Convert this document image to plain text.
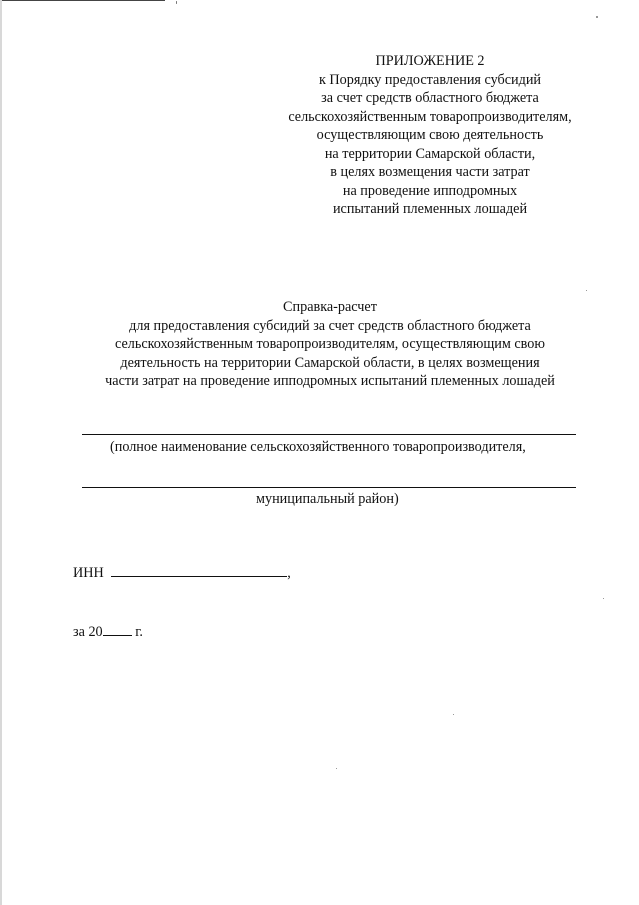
ПРИЛОЖЕНИЕ 2
к Порядку предоставления субсидий
за счет средств областного бюджета
сельскохозяйственным товаропроизводителям,
осуществляющим свою деятельность
на территории Самарской области,
в целях возмещения части затрат
на проведение ипподромных
испытаний племенных лошадей
Справка-расчет
для предоставления субсидий за счет средств областного бюджета
сельскохозяйственным товаропроизводителям, осуществляющим свою
деятельность на территории Самарской области, в целях возмещения
части затрат на проведение ипподромных испытаний племенных лошадей
(полное наименование сельскохозяйственного товаропроизводителя,
муниципальный район)
ИНН	,
за 20 г.
